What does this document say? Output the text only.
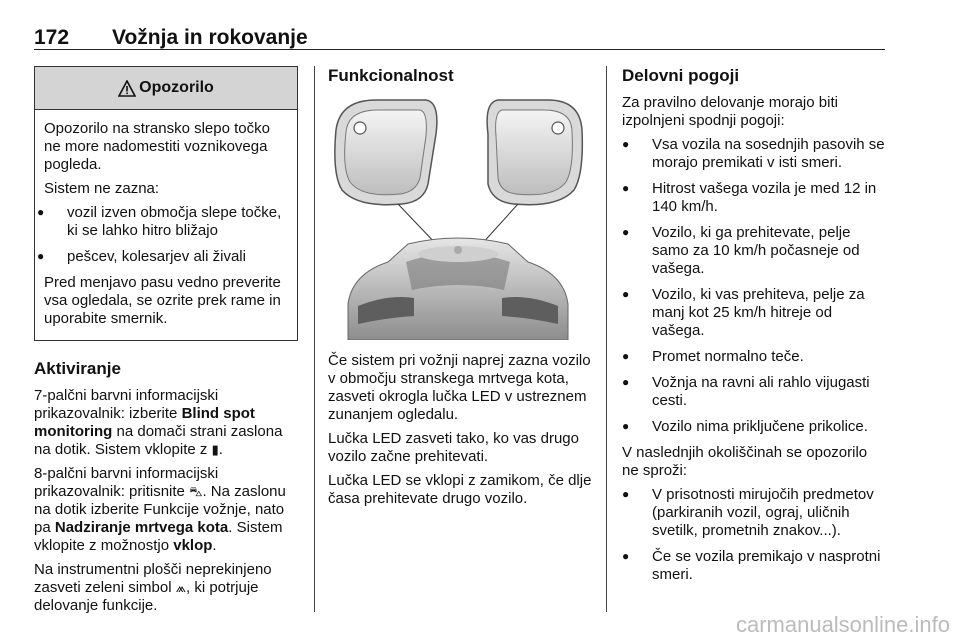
172 Vožnja in rokovanje
Opozorilo

Opozorilo na stransko slepo točko ne more nadomestiti voznikovega pogleda.

Sistem ne zazna:

● vozil izven območja slepe točke, ki se lahko hitro bližajo
● pešcev, kolesarjev ali živali

Pred menjavo pasu vedno preverite vsa ogledala, se ozrite prek rame in uporabite smernik.

Aktiviranje

7-palčni barvni informacijski prikazovalnik: izberite Blind spot monitoring na domači strani zaslona na dotik. Sistem vklopite z ▮.

8-palčni barvni informacijski prikazovalnik: pritisnite ⛍. Na zaslonu na dotik izberite Funkcije vožnje, nato pa Nadziranje mrtvega kota. Sistem vklopite z možnostjo vklop.

Na instrumentni plošči neprekinjeno zasveti zeleni simbol ⩕, ki potrjuje delovanje funkcije.

Funkcionalnost

Če sistem pri vožnji naprej zazna vozilo v območju stranskega mrtvega kota, zasveti okrogla lučka LED v ustreznem zunanjem ogledalu.

Lučka LED zasveti tako, ko vas drugo vozilo začne prehitevati.

Lučka LED se vklopi z zamikom, če dlje časa prehitevate drugo vozilo.

Delovni pogoji

Za pravilno delovanje morajo biti izpolnjeni spodnji pogoji:

● Vsa vozila na sosednjih pasovih se morajo premikati v isti smeri.
● Hitrost vašega vozila je med 12 in 140 km/h.
● Vozilo, ki ga prehitevate, pelje samo za 10 km/h počasneje od vašega.
● Vozilo, ki vas prehiteva, pelje za manj kot 25 km/h hitreje od vašega.
● Promet normalno teče.
● Vožnja na ravni ali rahlo vijugasti cesti.
● Vozilo nima priključene prikolice.

V naslednjih okoliščinah se opozorilo ne sproži:

● V prisotnosti mirujočih predmetov (parkiranih vozil, ograj, uličnih svetilk, prometnih znakov...).
● Če se vozila premikajo v nasprotni smeri.
carmanualsonline.info
